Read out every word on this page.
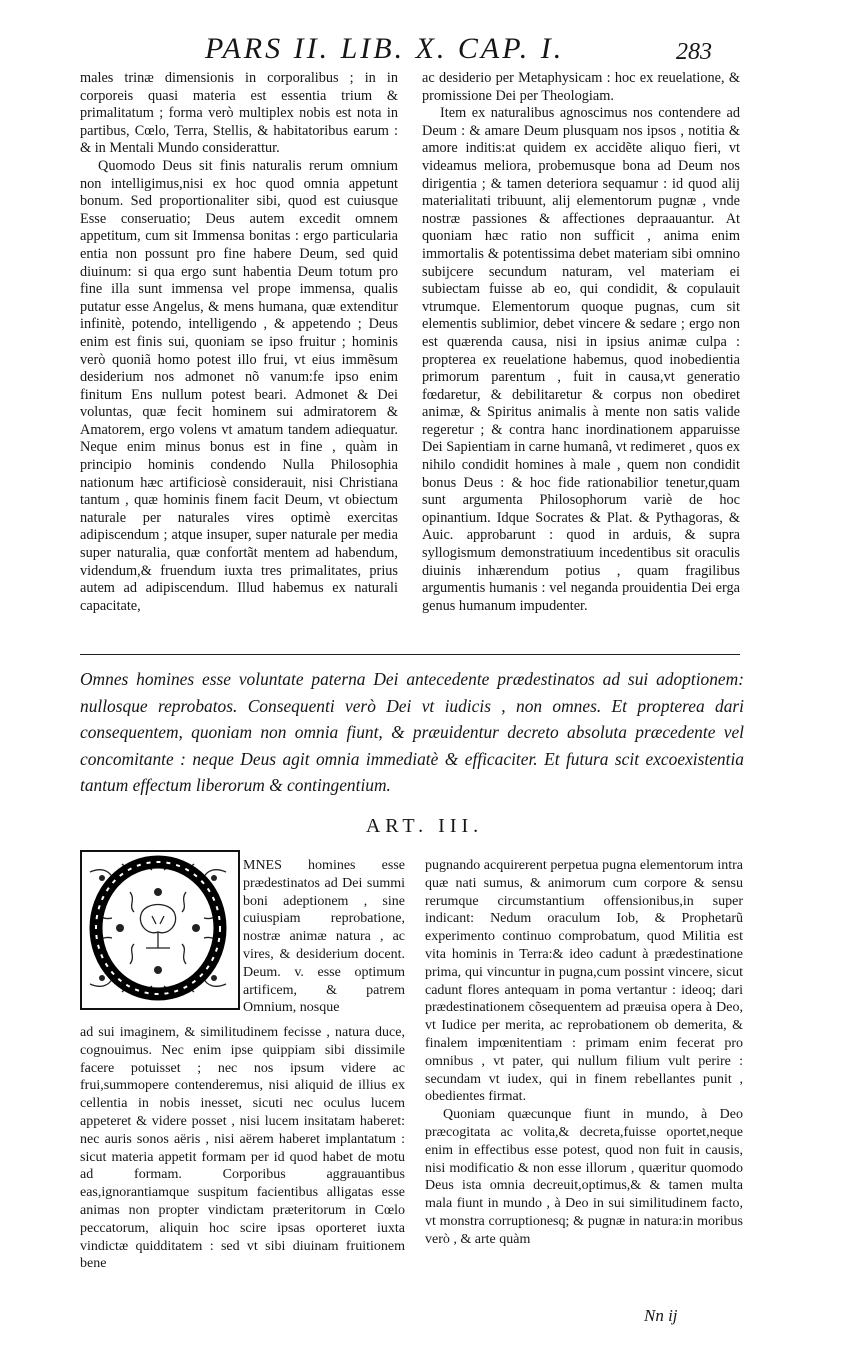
PARS II. LIB. X. CAP. I.	283

males trinæ dimensionis in corporalibus ; in in corporeis quasi materia est essentia trium & primalitatum ; forma verò multiplex nobis est nota in partibus, Cœlo, Terra, Stellis, & habitatoribus earum : & in Mentali Mundo considerattur.

Quomodo Deus sit finis naturalis rerum omnium non intelligimus,nisi ex hoc quod omnia appetunt bonum. Sed proportionaliter sibi, quod est cuiusque Esse conseruatio; Deus autem excedit omnem appetitum, cum sit Immensa bonitas : ergo particularia entia non possunt pro fine habere Deum, sed quid diuinum: si qua ergo sunt habentia Deum totum pro fine illa sunt immensa vel prope immensa, qualis putatur esse Angelus, & mens humana, quæ extenditur infinitè, potendo, intelligendo , & appetendo ; Deus enim est finis sui, quoniam se ipso fruitur ; hominis verò quoniã homo potest illo frui, vt eius immẽsum desiderium nos admonet nõ vanum:fe ipso enim finitum Ens nullum potest beari. Admonet & Dei voluntas, quæ fecit hominem sui admiratorem & Amatorem, ergo volens vt amatum tandem adiequatur. Neque enim minus bonus est in fine , quàm in principio hominis condendo Nulla Philosophia nationum hæc artificiosè considerauit, nisi Christiana tantum , quæ hominis finem facit Deum, vt obiectum naturale per naturales vires optimè exercitas adipiscendum ; atque insuper, super naturale per media super naturalia, quæ confortãt mentem ad habendum, videndum,& fruendum iuxta tres primalitates, prius autem ad adipiscendum. Illud habemus ex naturali capacitate,

ac desiderio per Metaphysicam : hoc ex reuelatione, & promissione Dei per Theologiam.

Item ex naturalibus agnoscimus nos contendere ad Deum : & amare Deum plusquam nos ipsos , notitia & amore inditis:at quidem ex accidẽte aliquo fieri, vt videamus meliora, probemusque bona ad Deum nos dirigentia ; & tamen deteriora sequamur : id quod alij materialitati tribuunt, alij elementorum pugnæ , vnde nostræ passiones & affectiones depraauantur. At quoniam hæc ratio non sufficit , anima enim immortalis & potentissima debet materiam sibi omnino subijcere secundum naturam, vel materiam ei subiectam fuisse ab eo, qui condidit, & copulauit vtrumque. Elementorum quoque pugnas, cum sit elementis sublimior, debet vincere & sedare ; ergo non est quærenda causa, nisi in ipsius animæ culpa : propterea ex reuelatione habemus, quod inobedientia primorum parentum , fuit in causa,vt generatio fœdaretur, & debilitaretur & corpus non obediret animæ, & Spiritus animalis à mente non satis valide regeretur ; & contra hanc inordinationem apparuisse Dei Sapientiam in carne humanâ, vt redimeret , quos ex nihilo condidit homines à male , quem non condidit bonus Deus : & hoc fide rationabilior tenetur,quam sunt argumenta Philosophorum variè de hoc opinantium. Idque Socrates & Plat. & Pythagoras, & Auic. approbarunt : quod in arduis, & supra syllogismum demonstratiuum incedentibus sit oraculis diuinis inhærendum potius , quam fragilibus argumentis humanis : vel neganda prouidentia Dei erga genus humanum impudenter.

Omnes homines esse voluntate paterna Dei antecedente prædestinatos ad sui adoptionem: nullosque reprobatos. Consequenti verò Dei vt iudicis , non omnes. Et propterea dari consequentem, quoniam non omnia fiunt, & præuidentur decreto absoluta præcedente vel concomitante : neque Deus agit omnia immediatè & efficaciter. Et futura scit excoexistentia tantum effectum liberorum & contingentium.
ART. III.
MNES homines esse prædestinatos ad Dei summi boni adeptionem , sine cuiuspiam reprobatione, nostræ animæ natura , ac vires, & desiderium docent. Deum. v. esse optimum artificem, & patrem Omnium, nosque
ad sui imaginem, & similitudinem fecisse , natura duce, cognouimus. Nec enim ipse quippiam sibi dissimile facere potuisset ; nec nos ipsum videre ac frui,summopere contenderemus, nisi aliquid de illius ex cellentia in nobis inesset, sicuti nec oculus lucem appeteret & videre posset , nisi lucem insitatam haberet: nec auris sonos aëris , nisi aërem haberet implantatum : sicut materia appetit formam per id quod habet de motu ad formam. Corporibus aggrauantibus eas,ignorantiamque suspitum facientibus alligatas esse animas non propter vindictam præteritorum in Cœlo peccatorum, aliquin hoc scire ipsas oporteret iuxta vindictæ quidditatem : sed vt sibi diuinam fruitionem bene

pugnando acquirerent perpetua pugna elementorum intra quæ nati sumus, & animorum cum corpore & sensu rerumque circumstantium offensionibus,in super indicant: Nedum oraculum Iob, & Prophetarũ experimento continuo comprobatum, quod Militia est vita hominis in Terra:& ideo cadunt à prædestinatione prima, qui vincuntur in pugna,cum possint vincere, sicut cadunt flores antequam in poma vertantur : ideoq; dari prædestinationem cõsequentem ad præuisa opera à Deo, vt Iudice per merita, ac reprobationem ob demerita, & finalem impœnitentiam : primam enim fecerat pro omnibus , vt pater, qui nullum filium vult perire : secundam vt iudex, qui in finem rebellantes punit , obedientes firmat.

Quoniam quæcunque fiunt in mundo, à Deo præcogitata ac volita,& decreta,fuisse oportet,neque enim in effectibus esse potest, quod non fuit in causis, nisi modificatio & non esse illorum , quæritur quomodo Deus ista omnia decreuit,optimus,& & tamen multa mala fiunt in mundo , à Deo in sui similitudinem facto, vt monstra corruptionesq; & pugnæ in natura:in moribus verò , & arte quàm

Nn ij
